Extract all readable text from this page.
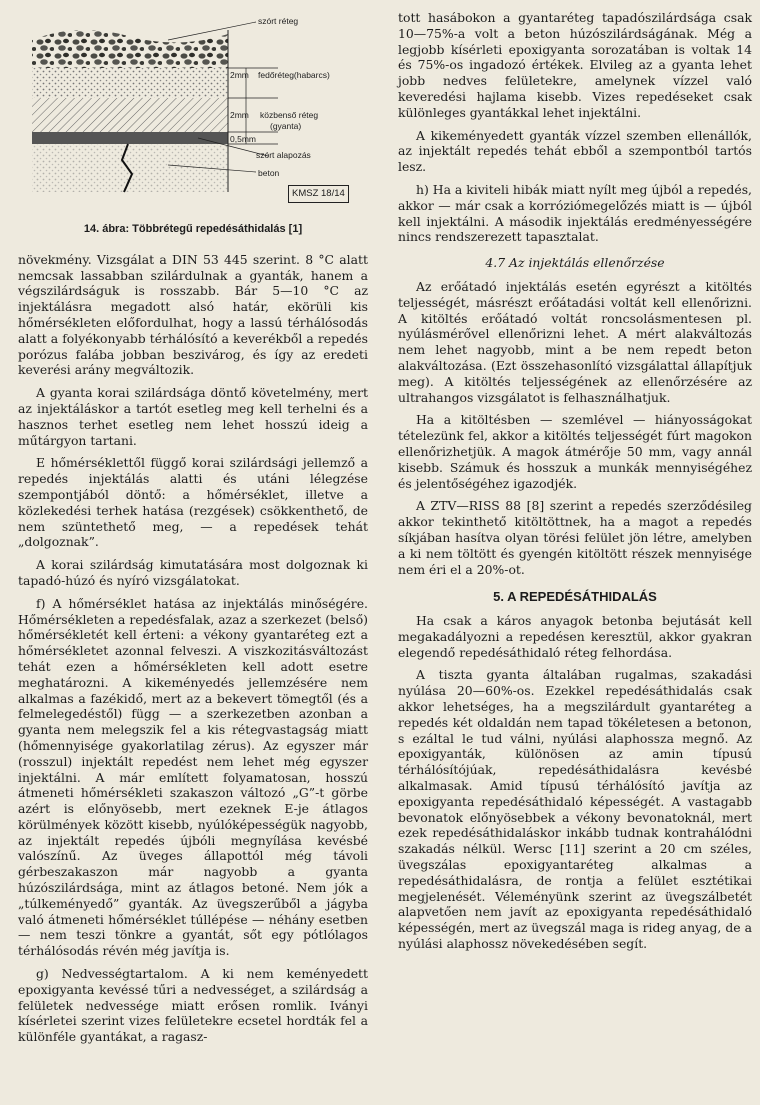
szórt réteg
2mm fedőréteg(habarcs)
2mm közbenső réteg
(gyanta)
0,5mm
szórt alapozás
beton
KMSZ 18/14
14. ábra: Többrétegű repedésáthidalás [1]

növekmény. Vizsgálat a DIN 53 445 szerint. 8 °C alatt nemcsak lassabban szilárdulnak a gyanták, hanem a végszilárdságuk is rosszabb. Bár 5—10 °C az injektálásra megadott alsó határ, ekörüli kis hőmérsékleten előfordulhat, hogy a lassú térhálósodás alatt a folyékonyabb térhálósító a keverékből a repedés porózus falába jobban beszivárog, és így az eredeti keverési arány megváltozik.

A gyanta korai szilárdsága döntő követelmény, mert az injektáláskor a tartót esetleg meg kell terhelni és a hasznos terhet esetleg nem lehet hosszú ideig a műtárgyon tartani.

E hőmérséklettől függő korai szilárdsági jellemző a repedés injektálás alatti és utáni lélegzése szempontjából döntő: a hőmérséklet, illetve a közlekedési terhek hatása (rezgések) csökkenthető, de nem szüntethető meg, — a repedések tehát „dolgoznak”.

A korai szilárdság kimutatására most dolgoznak ki tapadó-húzó és nyíró vizsgálatokat.

f) A hőmérséklet hatása az injektálás minőségére. Hőmérsékleten a repedésfalak, azaz a szerkezet (belső) hőmérsékletét kell érteni: a vékony gyantaréteg ezt a hőmérsékletet azonnal felveszi. A viszkozitásváltozást tehát ezen a hőmérsékleten kell adott esetre meghatározni. A kikeményedés jellemzésére nem alkalmas a fazékidő, mert az a bekevert tömegtől (és a felmelegedéstől) függ — a szerkezetben azonban a gyanta nem melegszik fel a kis rétegvastagság miatt (hőmennyisége gyakorlatilag zérus). Az egyszer már (rosszul) injektált repedést nem lehet még egyszer injektálni. A már említett folyamatosan, hosszú átmeneti hőmérsékleti szakaszon változó „G”-t görbe azért is előnyösebb, mert ezeknek E-je átlagos körülmények között kisebb, nyúlóképességük nagyobb, az injektált repedés újbóli megnyílása kevésbé valószínű. Az üveges állapottól még távoli gérbeszakaszon már nagyobb a gyanta húzószilárdsága, mint az átlagos betoné. Nem jók a „túlkeményedő” gyanták. Az üvegszerűből a jágyba való átmeneti hőmérséklet túllépése — néhány esetben — nem teszi tönkre a gyantát, sőt egy pótlólagos térhálósodás révén még javítja is.

g) Nedvességtartalom. A ki nem keményedett epoxigyanta kevéssé tűri a nedvességet, a szilárdság a felületek nedvessége miatt erősen romlik. Iványi kísérletei szerint vizes felületekre ecsetel hordták fel a különféle gyantákat, a ragasz-

tott hasábokon a gyantaréteg tapadószilárdsága csak 10—75%-a volt a beton húzószilárdságának. Még a legjobb kísérleti epoxigyanta sorozatában is voltak 14 és 75%-os ingadozó értékek. Elvileg az a gyanta lehet jobb nedves felületekre, amelynek vízzel való keveredési hajlama kisebb. Vizes repedéseket csak különleges gyantákkal lehet injektálni.

A kikeményedett gyanták vízzel szemben ellenállók, az injektált repedés tehát ebből a szempontból tartós lesz.

h) Ha a kiviteli hibák miatt nyílt meg újból a repedés, akkor — már csak a korróziómegelőzés miatt is — újból kell injektálni. A második injektálás eredményességére nincs rendszerezett tapasztalat.

4.7 Az injektálás ellenőrzése

Az erőátadó injektálás esetén egyrészt a kitöltés teljességét, másrészt erőátadási voltát kell ellenőrizni. A kitöltés erőátadó voltát roncsolásmentesen pl. nyúlásmérővel ellenőrizni lehet. A mért alakváltozás nem lehet nagyobb, mint a be nem repedt beton alakváltozása. (Ezt összehasonlító vizsgálattal állapítjuk meg). A kitöltés teljességének az ellenőrzésére az ultrahangos vizsgálatot is felhasználhatjuk.

Ha a kitöltésben — szemlével — hiányosságokat tételezünk fel, akkor a kitöltés teljességét fúrt magokon ellenőrizhetjük. A magok átmérője 50 mm, vagy annál kisebb. Számuk és hosszuk a munkák mennyiségéhez és jelentőségéhez igazodjék.

A ZTV—RISS 88 [8] szerint a repedés szerződésileg akkor tekinthető kitöltöttnek, ha a magot a repedés síkjában hasítva olyan törési felület jön létre, amelyben a ki nem töltött és gyengén kitöltött részek mennyisége nem éri el a 20%-ot.

5. A REPEDÉSÁTHIDALÁS

Ha csak a káros anyagok betonba bejutását kell megakadályozni a repedésen keresztül, akkor gyakran elegendő repedésáthidaló réteg felhordása.

A tiszta gyanta általában rugalmas, szakadási nyúlása 20—60%-os. Ezekkel repedésáthidalás csak akkor lehetséges, ha a megszilárdult gyantaréteg a repedés két oldaldán nem tapad tökéletesen a betonon, s ezáltal le tud válni, nyúlási alaphossza megnő. Az epoxigyanták, különösen az amin típusú térhálósítójúak, repedésáthidalásra kevésbé alkalmasak. Amid típusú térhálósító javítja az epoxigyanta repedésáthidaló képességét. A vastagabb bevonatok előnyösebbek a vékony bevonatoknál, mert ezek repedésáthidaláskor inkább tudnak kontrahálódni szakadás nélkül. Wersc [11] szerint a 20 cm széles, üvegszálas epoxigyantaréteg alkalmas a repedésáthidalásra, de rontja a felület esztétikai megjelenését. Véleményünk szerint az üvegszálbetét alapvetően nem javít az epoxigyanta repedésáthidaló képességén, mert az üvegszál maga is rideg anyag, de a nyúlási alaphossz növekedésében segít.
